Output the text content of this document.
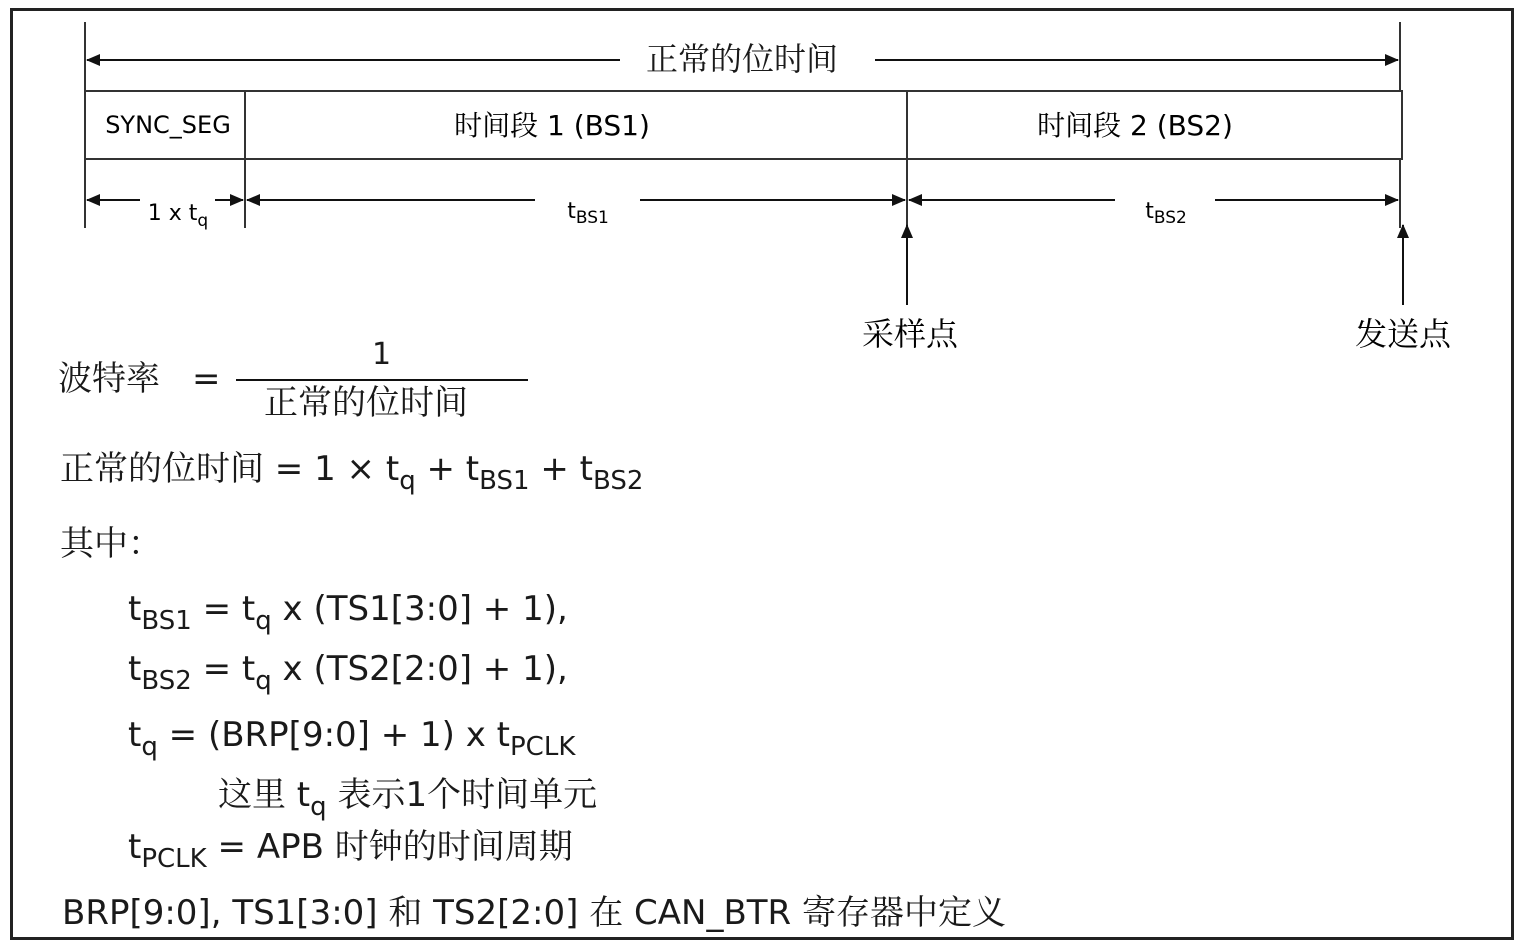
正常的位时间
SYNC_SEG	时间段 1 (BS1)	时间段 2 (BS2)
1 x $t_q$	$t_{BS1}$	$t_{BS2}$
采样点	发送点
波特率 =
1
正常的位时间
正常的位时间 = $1 \times t_q + t_{BS1} + t_{BS2}$
其中：
$t_{BS1} = t_q$ x (TS1[3:0] + 1),
$t_{BS2} = t_q$ x (TS2[2:0] + 1),
$t_q$ = (BRP[9:0] + 1) x $t_{PCLK}$
这里 $t_q$ 表示1个时间单元
$t_{PCLK}$ = APB 时钟的时间周期
BRP[9:0], TS1[3:0] 和 TS2[2:0] 在 CAN_BTR 寄存器中定义
